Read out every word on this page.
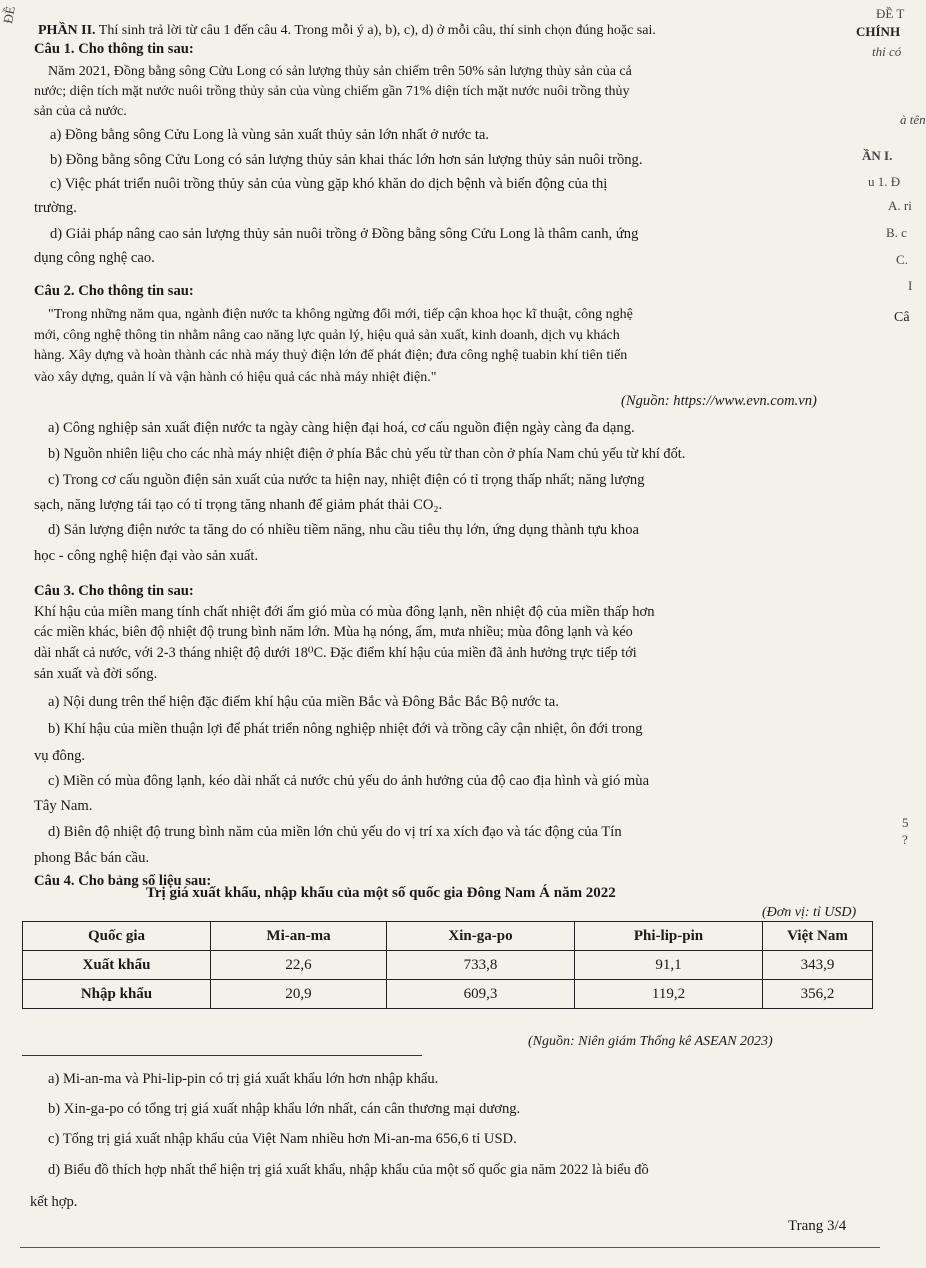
ĐỀ	ĐỀ T
CHÍNH
thi có
à tên
ẦN I.
u 1. Đ
A. ri
B. c
C.
I
Câ
5
?
PHẦN II. Thí sinh trả lời từ câu 1 đến câu 4. Trong mỗi ý a), b), c), d) ở mỗi câu, thí sinh chọn đúng hoặc sai.
Câu 1. Cho thông tin sau:
Năm 2021, Đồng bằng sông Cửu Long có sản lượng thủy sản chiếm trên 50% sản lượng thủy sản của cả
nước; diện tích mặt nước nuôi trồng thủy sản của vùng chiếm gần 71% diện tích mặt nước nuôi trồng thủy
sản của cả nước.
a) Đồng bằng sông Cửu Long là vùng sản xuất thủy sản lớn nhất ở nước ta.
b) Đồng bằng sông Cửu Long có sản lượng thủy sản khai thác lớn hơn sản lượng thủy sản nuôi trồng.
c) Việc phát triển nuôi trồng thủy sản của vùng gặp khó khăn do dịch bệnh và biến động của thị
trường.
d) Giải pháp nâng cao sản lượng thủy sản nuôi trồng ở Đồng bằng sông Cửu Long là thâm canh, ứng
dụng công nghệ cao.
Câu 2. Cho thông tin sau:
"Trong những năm qua, ngành điện nước ta không ngừng đổi mới, tiếp cận khoa học kĩ thuật, công nghệ
mới, công nghệ thông tin nhằm nâng cao năng lực quản lý, hiệu quả sản xuất, kinh doanh, dịch vụ khách
hàng. Xây dựng và hoàn thành các nhà máy thuỷ điện lớn để phát điện; đưa công nghệ tuabin khí tiên tiến
vào xây dựng, quản lí và vận hành có hiệu quả các nhà máy nhiệt điện."
(Nguồn: https://www.evn.com.vn)
a) Công nghiệp sản xuất điện nước ta ngày càng hiện đại hoá, cơ cấu nguồn điện ngày càng đa dạng.
b) Nguồn nhiên liệu cho các nhà máy nhiệt điện ở phía Bắc chủ yếu từ than còn ở phía Nam chủ yếu từ khí đốt.
c) Trong cơ cấu nguồn điện sản xuất của nước ta hiện nay, nhiệt điện có tỉ trọng thấp nhất; năng lượng
sạch, năng lượng tái tạo có tỉ trọng tăng nhanh để giảm phát thải CO₂.
d) Sản lượng điện nước ta tăng do có nhiều tiềm năng, nhu cầu tiêu thụ lớn, ứng dụng thành tựu khoa
học - công nghệ hiện đại vào sản xuất.
Câu 3. Cho thông tin sau:
Khí hậu của miền mang tính chất nhiệt đới ẩm gió mùa có mùa đông lạnh, nền nhiệt độ của miền thấp hơn
các miền khác, biên độ nhiệt độ trung bình năm lớn. Mùa hạ nóng, ẩm, mưa nhiều; mùa đông lạnh và kéo
dài nhất cả nước, với 2-3 tháng nhiệt độ dưới 18⁰C. Đặc điểm khí hậu của miền đã ảnh hưởng trực tiếp tới
sản xuất và đời sống.
a) Nội dung trên thể hiện đặc điểm khí hậu của miền Bắc và Đông Bắc Bắc Bộ nước ta.
b) Khí hậu của miền thuận lợi để phát triển nông nghiệp nhiệt đới và trồng cây cận nhiệt, ôn đới trong
vụ đông.
c) Miền có mùa đông lạnh, kéo dài nhất cả nước chủ yếu do ảnh hưởng của độ cao địa hình và gió mùa
Tây Nam.
d) Biên độ nhiệt độ trung bình năm của miền lớn chủ yếu do vị trí xa xích đạo và tác động của Tín
phong Bắc bán cầu.
Câu 4. Cho bảng số liệu sau:
Trị giá xuất khẩu, nhập khẩu của một số quốc gia Đông Nam Á năm 2022
(Đơn vị: tỉ USD)
Quốc gia	Mi-an-ma	Xin-ga-po	Phi-lip-pin	Việt Nam
Xuất khẩu	22,6	733,8	91,1	343,9
Nhập khẩu	20,9	609,3	119,2	356,2
(Nguồn: Niên giám Thống kê ASEAN 2023)
a) Mi-an-ma và Phi-lip-pin có trị giá xuất khẩu lớn hơn nhập khẩu.
b) Xin-ga-po có tổng trị giá xuất nhập khẩu lớn nhất, cán cân thương mại dương.
c) Tổng trị giá xuất nhập khẩu của Việt Nam nhiều hơn Mi-an-ma 656,6 tỉ USD.
d) Biểu đồ thích hợp nhất thể hiện trị giá xuất khẩu, nhập khẩu của một số quốc gia năm 2022 là biểu đồ
kết hợp.
Trang 3/4
